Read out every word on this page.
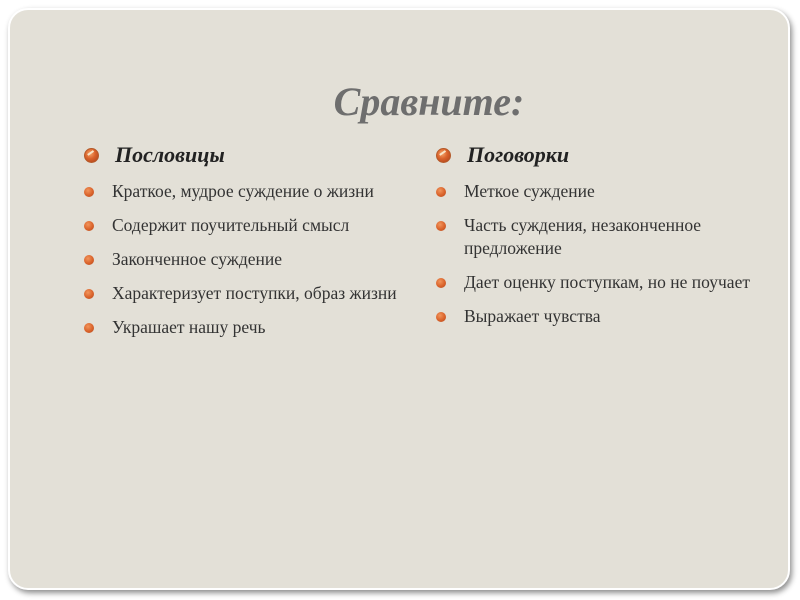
Сравните:
Пословицы
Краткое, мудрое суждение о жизни
Содержит поучительный смысл
Законченное суждение
Характеризует поступки, образ жизни
Украшает нашу речь
Поговорки
Меткое суждение
Часть суждения, незаконченное предложение
Дает оценку поступкам, но не поучает
Выражает чувства
